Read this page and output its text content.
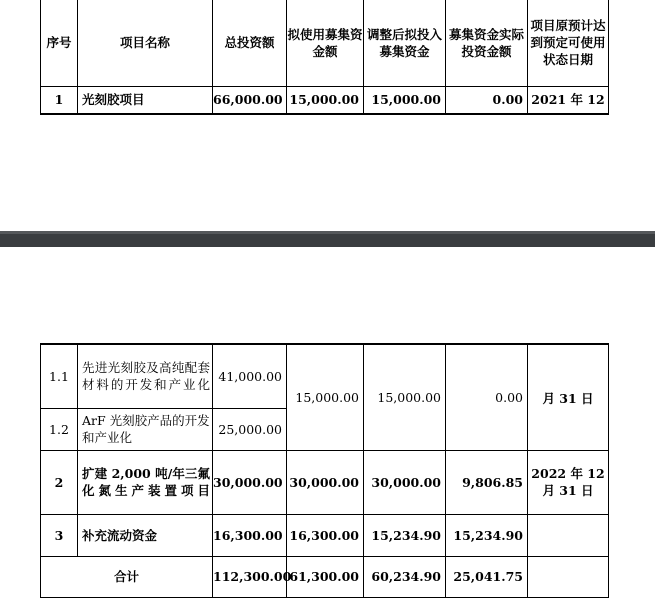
序号	项目名称	总投资额	拟使用募集资金额	调整后拟投入募集资金	募集资金实际投资金额	项目原预计达到预定可使用状态日期
1	光刻胶项目	66,000.00	15,000.00	15,000.00	0.00	2021 年 12
1.1	先进光刻胶及高纯配套材料的开发和产业化	41,000.00	15,000.00	15,000.00	0.00	月 31 日
1.2	ArF 光刻胶产品的开发和产业化	25,000.00				
2	扩建 2,000 吨/年三氟化氮生产装置项目	30,000.00	30,000.00	30,000.00	9,806.85	2022 年 12 月 31 日
3	补充流动资金	16,300.00	16,300.00	15,234.90	15,234.90	
合计		112,300.00	61,300.00	60,234.90	25,041.75	
